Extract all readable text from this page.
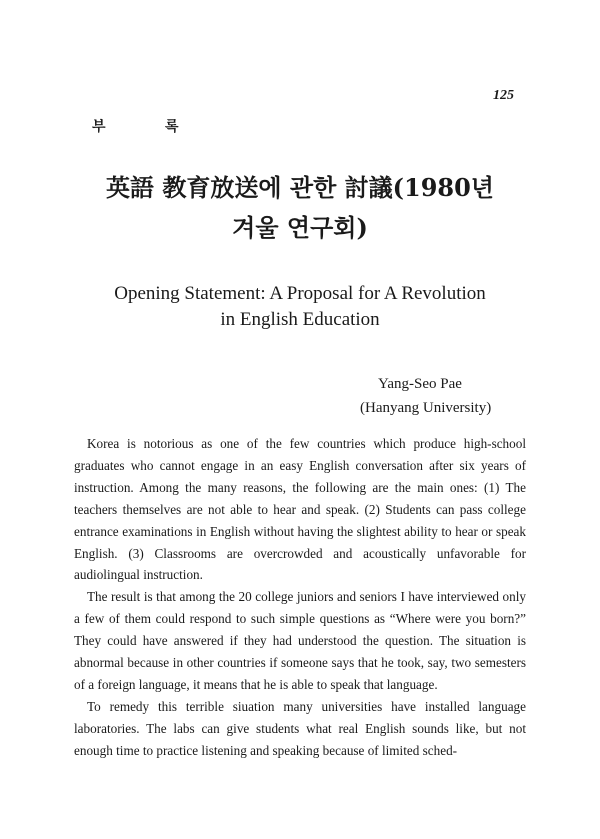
125
부 록
英語 教育放送에 관한 討議(1980년
겨울 연구회)
Opening Statement: A Proposal for A Revolution
in English Education
Yang-Seo Pae
(Hanyang University)

Korea is notorious as one of the few countries which produce high-school graduates who cannot engage in an easy English conversation after six years of instruction. Among the many reasons, the following are the main ones: (1) The teachers themselves are not able to hear and speak. (2) Students can pass college entrance examinations in English without having the slightest ability to hear or speak English. (3) Classrooms are overcrowded and acoustically unfavorable for audiolingual instruction.

The result is that among the 20 college juniors and seniors I have interviewed only a few of them could respond to such simple questions as “Where were you born?” They could have answered if they had understood the question. The situation is abnormal because in other countries if someone says that he took, say, two semesters of a foreign language, it means that he is able to speak that language.

To remedy this terrible siuation many universities have installed language laboratories. The labs can give students what real English sounds like, but not enough time to practice listening and speaking because of limited sched-
